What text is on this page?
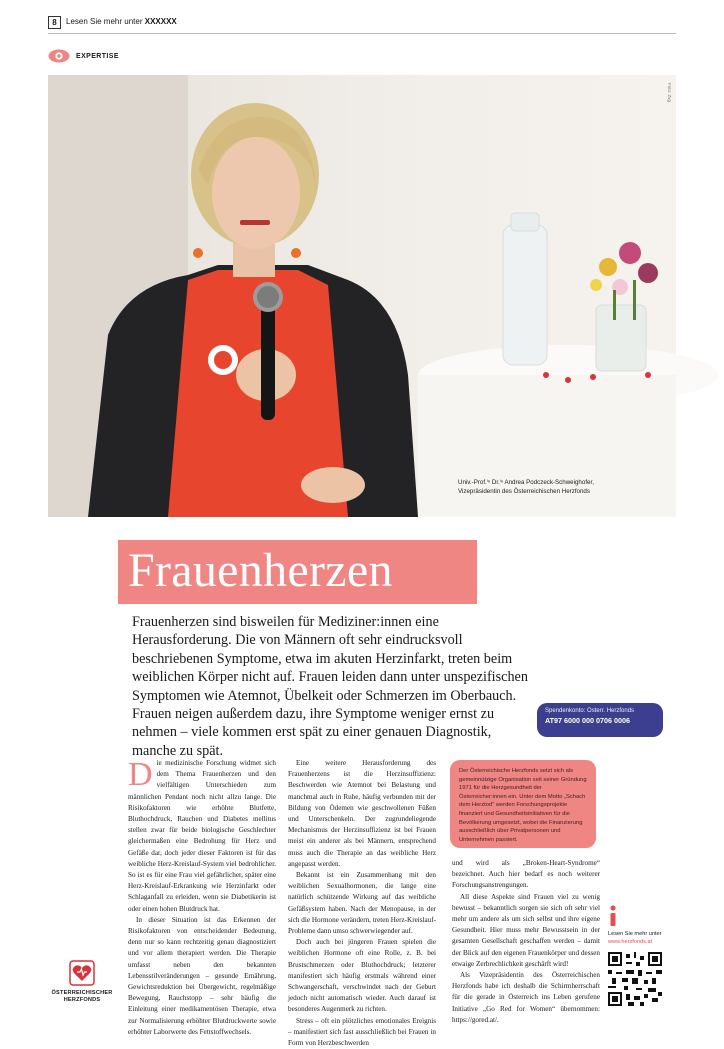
8	Lesen Sie mehr unter XXXXXX
EXPERTISE
Foto: Zvg
Univ.-Prof.ⁱⁿ Dr.ⁱⁿ Andrea Podczeck-Schweighofer,
Vizepräsidentin des Österreichischen Herzfonds
Frauenherzen
Frauenherzen sind bisweilen für Mediziner:innen eine Herausforderung. Die von Männern oft sehr eindrucksvoll beschriebenen Symptome, etwa im akuten Herzinfarkt, treten beim weiblichen Körper nicht auf. Frauen leiden dann unter unspezifischen Symptomen wie Atemnot, Übelkeit oder Schmerzen im Oberbauch. Frauen neigen außerdem dazu, ihre Symptome weniger ernst zu nehmen – viele kommen erst spät zu einer genauen Diagnostik, manche zu spät.
Spendenkonto: Österr. Herzfonds
AT97 6000 000 0706 0006

Die medizinische Forschung widmet sich dem Thema Frauenherzen und den vielfältigen Unterschieden zum männlichen Pendant noch nicht allzu lange. Die Risikofaktoren wie erhöhte Blutfette, Bluthochdruck, Rauchen und Diabetes mellitus stellen zwar für beide biologische Geschlechter gleichermaßen eine Bedrohung für Herz und Gefäße dar, doch jeder dieser Faktoren ist für das weibliche Herz-Kreislauf-System viel bedrohlicher. So ist es für eine Frau viel gefährlicher, später eine Herz-Kreislauf-Erkrankung wie Herzinfarkt oder Schlaganfall zu erleiden, wenn sie Diabetikerin ist oder einen hohen Blutdruck hat.

In dieser Situation ist das Erkennen der Risikofaktoren von entscheidender Bedeutung, denn nur so kann rechtzeitig genau diagnostiziert und vor allem therapiert werden. Die Therapie umfasst neben den bekannten Lebensstilveränderungen – gesunde Ernährung, Gewichtsreduktion bei Übergewicht, regelmäßige Bewegung, Rauchstopp – sehr häufig die Einleitung einer medikamentösen Therapie, etwa zur Normalisierung erhöhter Blutdruckwerte sowie erhöhter Laborwerte des Fettstoffwechsels.

Eine weitere Herausforderung des Frauenherzens ist die Herzinsuffizienz: Beschwerden wie Atemnot bei Belastung und manchmal auch in Ruhe, häufig verbunden mit der Bildung von Ödemen wie geschwollenen Füßen und Unterschenkeln. Der zugrundeliegende Mechanismus der Herzinsuffizienz ist bei Frauen meist ein anderer als bei Männern, entsprechend muss auch die Therapie an das weibliche Herz angepasst werden.

Bekannt ist ein Zusammenhang mit den weiblichen Sexualhormonen, die lange eine natürlich schützende Wirkung auf das weibliche Gefäßsystem haben. Nach der Menopause, in der sich die Hormone verändern, treten Herz-Kreislauf-Probleme dann umso schwerwiegender auf.

Doch auch bei jüngeren Frauen spielen die weiblichen Hormone oft eine Rolle, z. B. bei Brustschmerzen oder Bluthochdruck; letzterer manifestiert sich häufig erstmals während einer Schwangerschaft, verschwindet nach der Geburt jedoch nicht automatisch wieder. Auch darauf ist besonderes Augenmerk zu richten.

Stress – oft ein plötzliches emotionales Ereignis – manifestiert sich fast ausschließlich bei Frauen in Form von Herzbeschwerden

Der Österreichische Herzfonds setzt sich als gemeinnützige Organisation seit seiner Gründung 1971 für die Herzgesundheit der Österreicher:innen ein. Unter dem Motto „Schach dem Herztod“ werden Forschungsprojekte finanziert und Gesundheitsinitiativen für die Bevölkerung umgesetzt, wobei die Finanzierung ausschließlich über Privatpersonen und Unternehmen passiert.

und wird als „Broken-Heart-Syndrome“ bezeichnet. Auch hier bedarf es noch weiterer Forschungsanstrengungen.

All diese Aspekte sind Frauen viel zu wenig bewusst – bekanntlich sorgen sie sich oft sehr viel mehr um andere als um sich selbst und ihre eigene Gesundheit. Hier muss mehr Bewusstsein in der gesamten Gesellschaft geschaffen werden – damit der Blick auf den eigenen Frauenkörper und dessen etwaige Zerbrechlichkeit geschärft wird!

Als Vizepräsidentin des Österreichischen Herzfonds habe ich deshalb die Schirmherrschaft für die gerade in Österreich ins Leben gerufene Initiative „Go Red for Women“ übernommen: https://gored.at/.

ÖSTERREICHISCHER
HERZFONDS
Lesen Sie mehr unter
www.herzfonds.at
